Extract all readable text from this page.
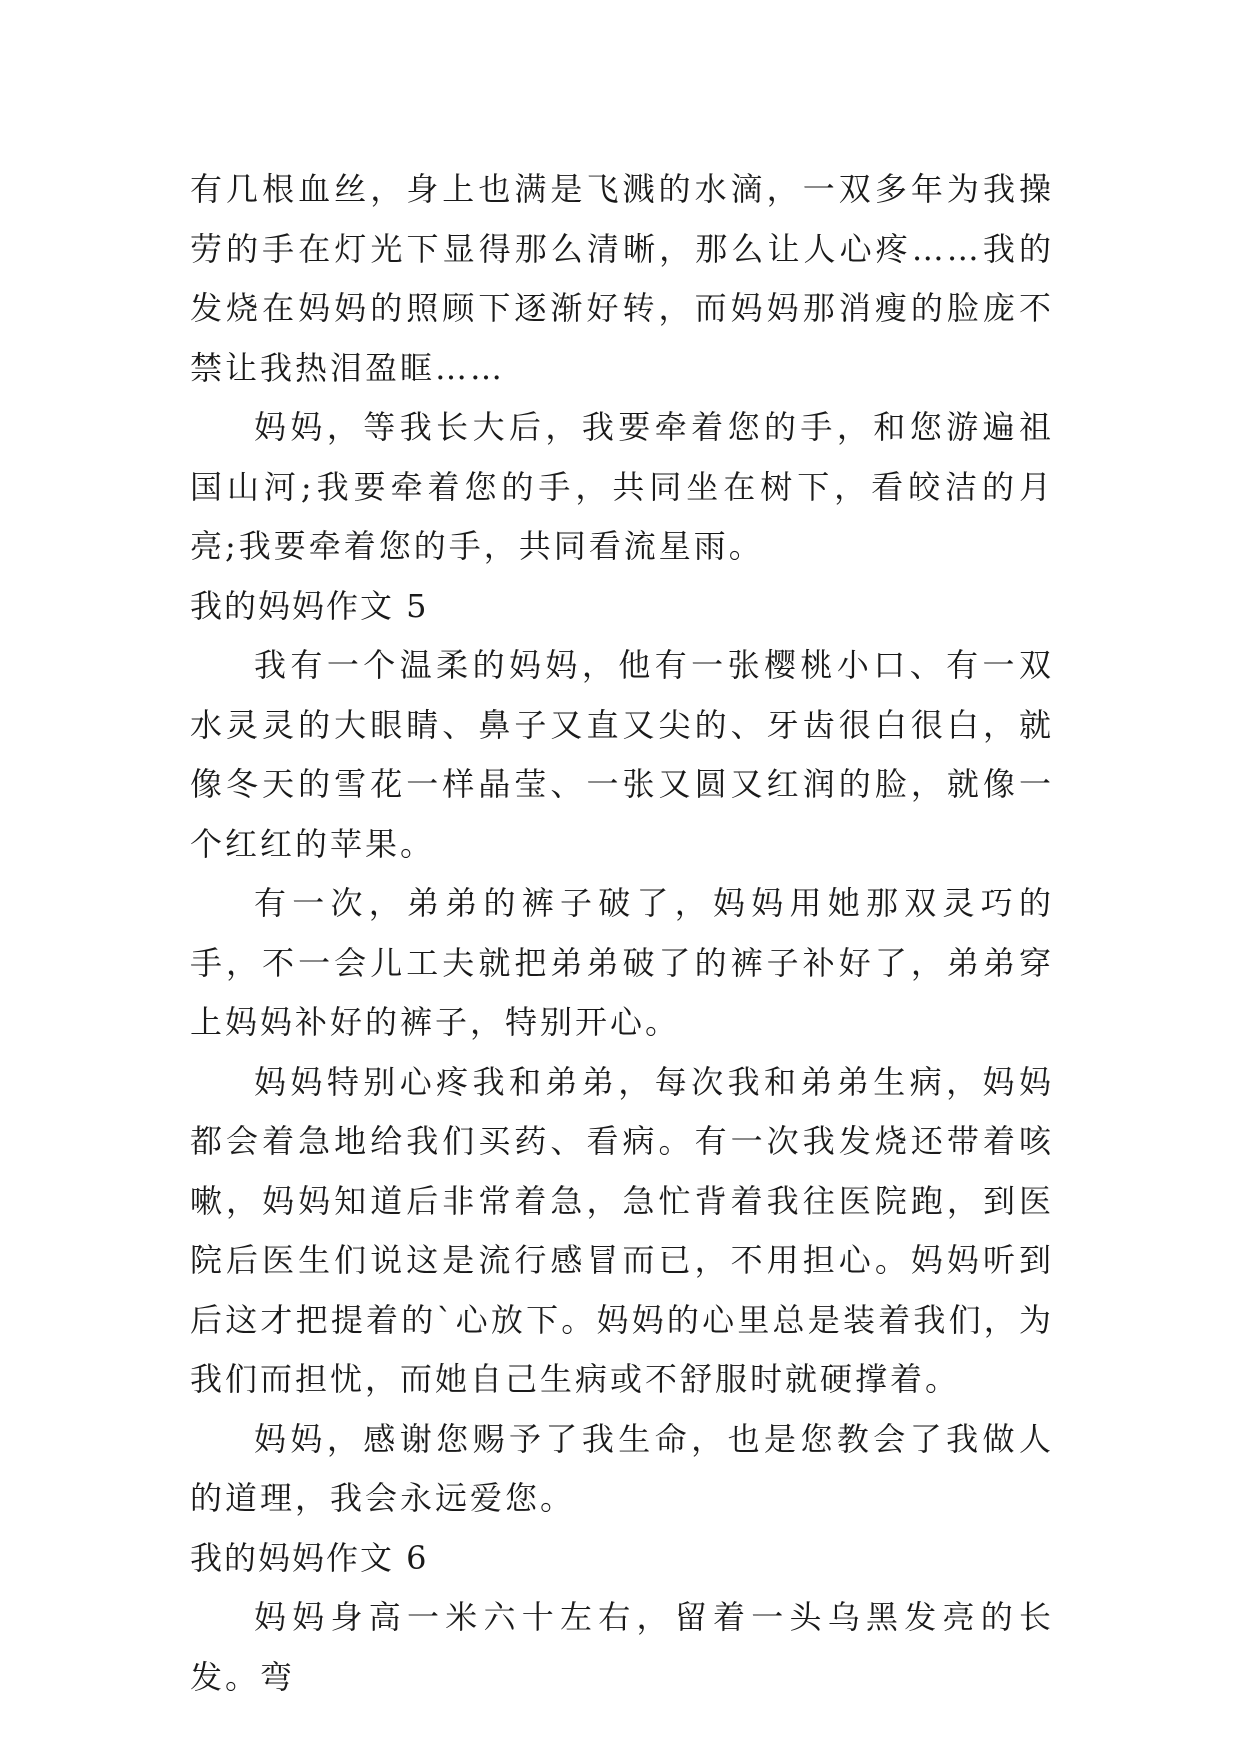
有几根血丝，身上也满是飞溅的水滴，一双多年为我操劳的手在灯光下显得那么清晰，那么让人心疼……我的发烧在妈妈的照顾下逐渐好转，而妈妈那消瘦的脸庞不禁让我热泪盈眶……

妈妈，等我长大后，我要牵着您的手，和您游遍祖国山河;我要牵着您的手，共同坐在树下，看皎洁的月亮;我要牵着您的手，共同看流星雨。

我的妈妈作文 5

我有一个温柔的妈妈，他有一张樱桃小口、有一双水灵灵的大眼睛、鼻子又直又尖的、牙齿很白很白，就像冬天的雪花一样晶莹、一张又圆又红润的脸，就像一个红红的苹果。

有一次，弟弟的裤子破了，妈妈用她那双灵巧的手，不一会儿工夫就把弟弟破了的裤子补好了，弟弟穿上妈妈补好的裤子，特别开心。

妈妈特别心疼我和弟弟，每次我和弟弟生病，妈妈都会着急地给我们买药、看病。有一次我发烧还带着咳嗽，妈妈知道后非常着急，急忙背着我往医院跑，到医院后医生们说这是流行感冒而已，不用担心。妈妈听到后这才把提着的`心放下。妈妈的心里总是装着我们，为我们而担忧，而她自己生病或不舒服时就硬撑着。

妈妈，感谢您赐予了我生命，也是您教会了我做人的道理，我会永远爱您。

我的妈妈作文 6

妈妈身高一米六十左右，留着一头乌黑发亮的长发。弯
